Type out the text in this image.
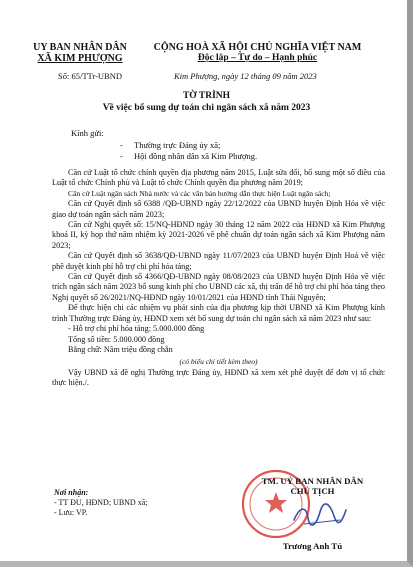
UY BAN NHÂN DÂN
XÃ KIM PHƯỢNG
CỘNG HOÀ XÃ HỘI CHỦ NGHĨA VIỆT NAM
Độc lập – Tự do – Hạnh phúc
Số: 65/TTr-UBND	Kim Phượng, ngày 12 tháng 09 năm 2023
TỜ TRÌNH
Về việc bổ sung dự toán chi ngân sách xã năm 2023
Kính gửi:
- Thường trực Đảng ủy xã;
- Hội đồng nhân dân xã Kim Phượng.

Căn cứ Luật tổ chức chính quyền địa phương năm 2015, Luật sửa đổi, bổ sung một số điều của Luật tổ chức Chính phủ và Luật tổ chức Chính quyền địa phương năm 2019;

Căn cứ Luật ngân sách Nhà nước và các văn bản hướng dẫn thực hiện Luật ngân sách;

Căn cứ Quyết định số 6388 /QĐ-UBND ngày 22/12/2022 của UBND huyện Định Hóa về việc giao dự toán ngân sách năm 2023;

Căn cứ Nghị quyết số: 15/NQ-HĐND ngày 30 tháng 12 năm 2022 của HĐND xã Kim Phượng khoá II, kỳ họp thứ năm nhiệm kỳ 2021-2026 về phê chuẩn dự toán ngân sách xã Kim Phượng năm 2023;

Căn cứ Quyết định số 3638/QĐ-UBND ngày 11/07/2023 của UBND huyện Định Hoá về việc phê duyệt kinh phí hỗ trợ chi phí hỏa táng;

Căn cứ Quyết định số 4366/QĐ-UBND ngày 08/08/2023 của UBND huyện Định Hóa về việc trích ngân sách năm 2023 bổ sung kinh phí cho UBND các xã, thị trấn để hỗ trợ chi phí hỏa táng theo Nghị quyết số 26/2021/NQ-HĐND ngày 10/01/2021 của HĐND tỉnh Thái Nguyên;

Để thực hiện chi các nhiệm vụ phát sinh của địa phương kịp thời UBND xã Kim Phượng kính trình Thường trực Đảng ủy, HĐND xem xét bổ sung dự toán chi ngân sách xã năm 2023 như sau:

- Hỗ trợ chi phí hỏa táng: 5.000.000 đồng

Tổng số tiền: 5.000.000 đồng

Bằng chữ: Năm triệu đồng chẵn

(có biểu chi tiết kèm theo)

Vậy UBND xã đề nghị Thường trực Đảng ủy, HĐND xã xem xét phê duyệt để đơn vị tổ chức thực hiện./.

Nơi nhận:
- TT ĐU, HĐND; UBND xã;
- Lưu: VP.
TM. UỶ BAN NHÂN DÂN
CHỦ TỊCH
Trương Anh Tú
